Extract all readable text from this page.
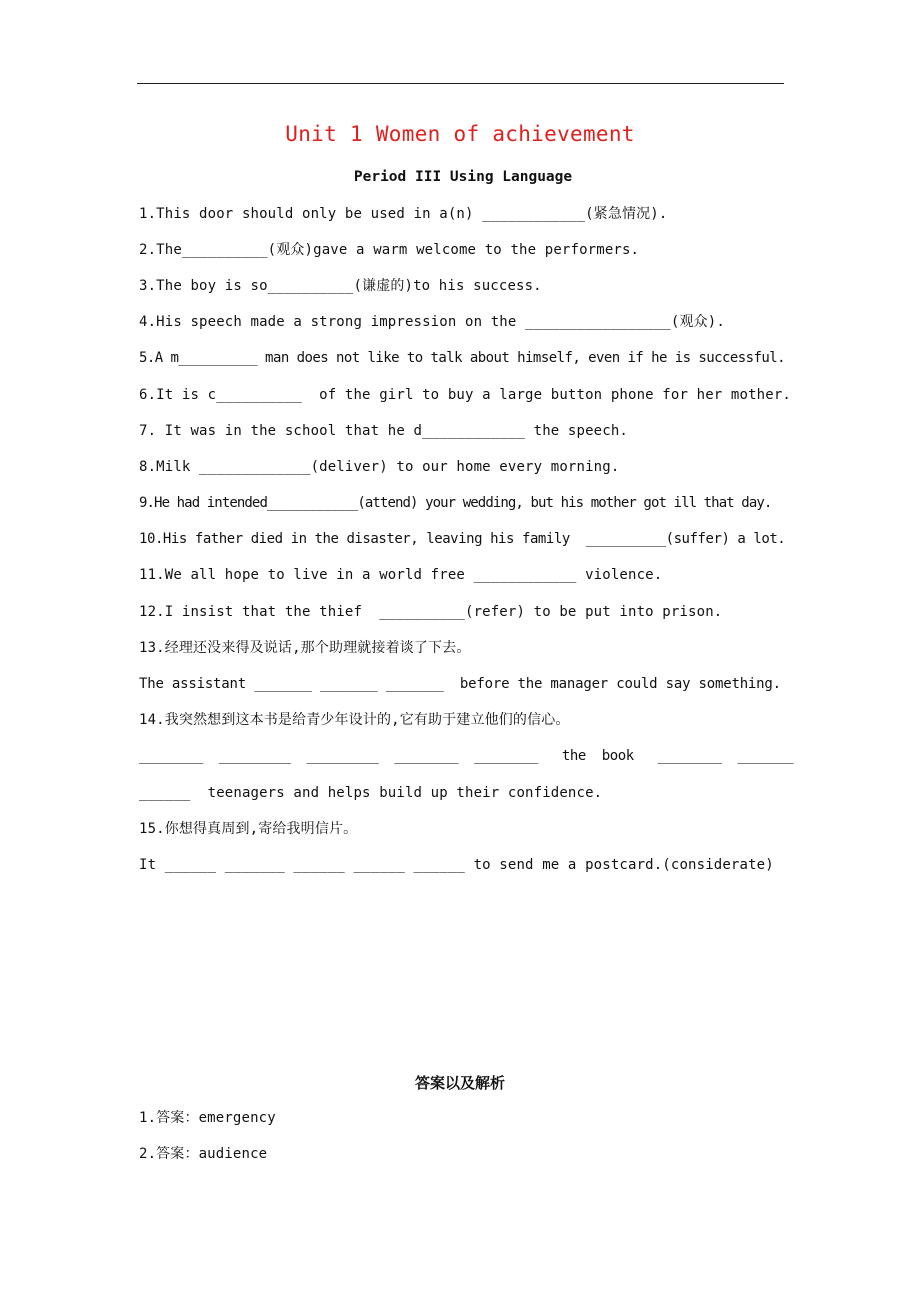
Unit 1 Women of achievement
Period III Using Language
1.This door should only be used in a(n) ____________(紧急情况).
2.The__________(观众)gave a warm welcome to the performers.
3.The boy is so__________(谦虚的)to his success.
4.His speech made a strong impression on the _________________(观众).
5.A m__________ man does not like to talk about himself, even if he is successful.
6.It is c__________  of the girl to buy a large button phone for her mother.
7. It was in the school that he d____________ the speech.
8.Milk _____________(deliver) to our home every morning.
9.He had intended____________(attend) your wedding, but his mother got ill that day.
10.His father died in the disaster, leaving his family  __________(suffer) a lot.
11.We all hope to live in a world free ____________ violence.
12.I insist that the thief  __________(refer) to be put into prison.
13.经理还没来得及说话,那个助理就接着谈了下去。
The assistant _______ _______ _______  before the manager could say something.
14.我突然想到这本书是给青少年设计的,它有助于建立他们的信心。
________  _________  _________  ________  ________   the  book   ________  _______
______  teenagers and helps build up their confidence.
15.你想得真周到,寄给我明信片。
It ______ _______ ______ ______ ______ to send me a postcard.(considerate)
答案以及解析
1.答案：emergency
2.答案：audience
